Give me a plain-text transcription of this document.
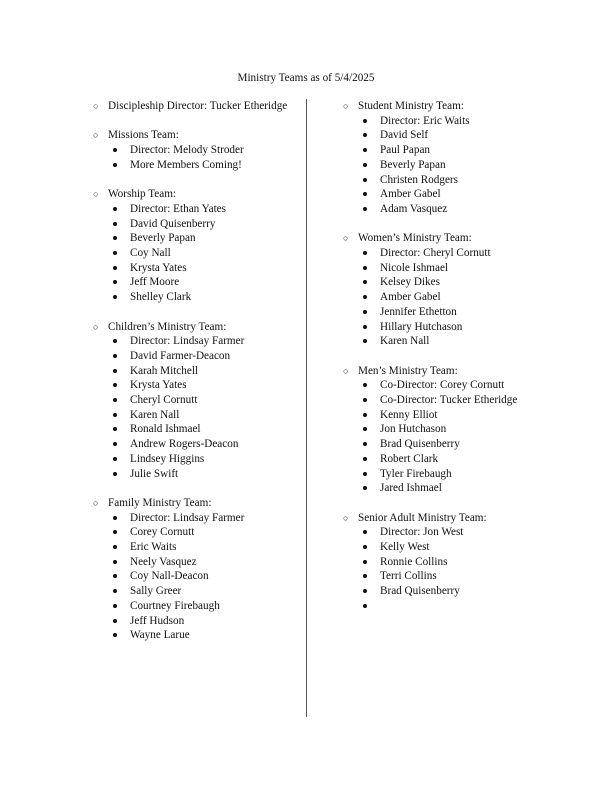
Ministry Teams as of 5/4/2025
○ Discipleship Director: Tucker Etheridge
○ Missions Team:
Director: Melody Stroder
More Members Coming!
○ Worship Team:
Director: Ethan Yates
David Quisenberry
Beverly Papan
Coy Nall
Krysta Yates
Jeff Moore
Shelley Clark
○ Children’s Ministry Team:
Director: Lindsay Farmer
David Farmer-Deacon
Karah Mitchell
Krysta Yates
Cheryl Cornutt
Karen Nall
Ronald Ishmael
Andrew Rogers-Deacon
Lindsey Higgins
Julie Swift
○ Family Ministry Team:
Director: Lindsay Farmer
Corey Cornutt
Eric Waits
Neely Vasquez
Coy Nall-Deacon
Sally Greer
Courtney Firebaugh
Jeff Hudson
Wayne Larue
○ Student Ministry Team:
Director: Eric Waits
David Self
Paul Papan
Beverly Papan
Christen Rodgers
Amber Gabel
Adam Vasquez
○ Women’s Ministry Team:
Director: Cheryl Cornutt
Nicole Ishmael
Kelsey Dikes
Amber Gabel
Jennifer Ethetton
Hillary Hutchason
Karen Nall
○ Men’s Ministry Team:
Co-Director: Corey Cornutt
Co-Director: Tucker Etheridge
Kenny Elliot
Jon Hutchason
Brad Quisenberry
Robert Clark
Tyler Firebaugh
Jared Ishmael
○ Senior Adult Ministry Team:
Director: Jon West
Kelly West
Ronnie Collins
Terri Collins
Brad Quisenberry
